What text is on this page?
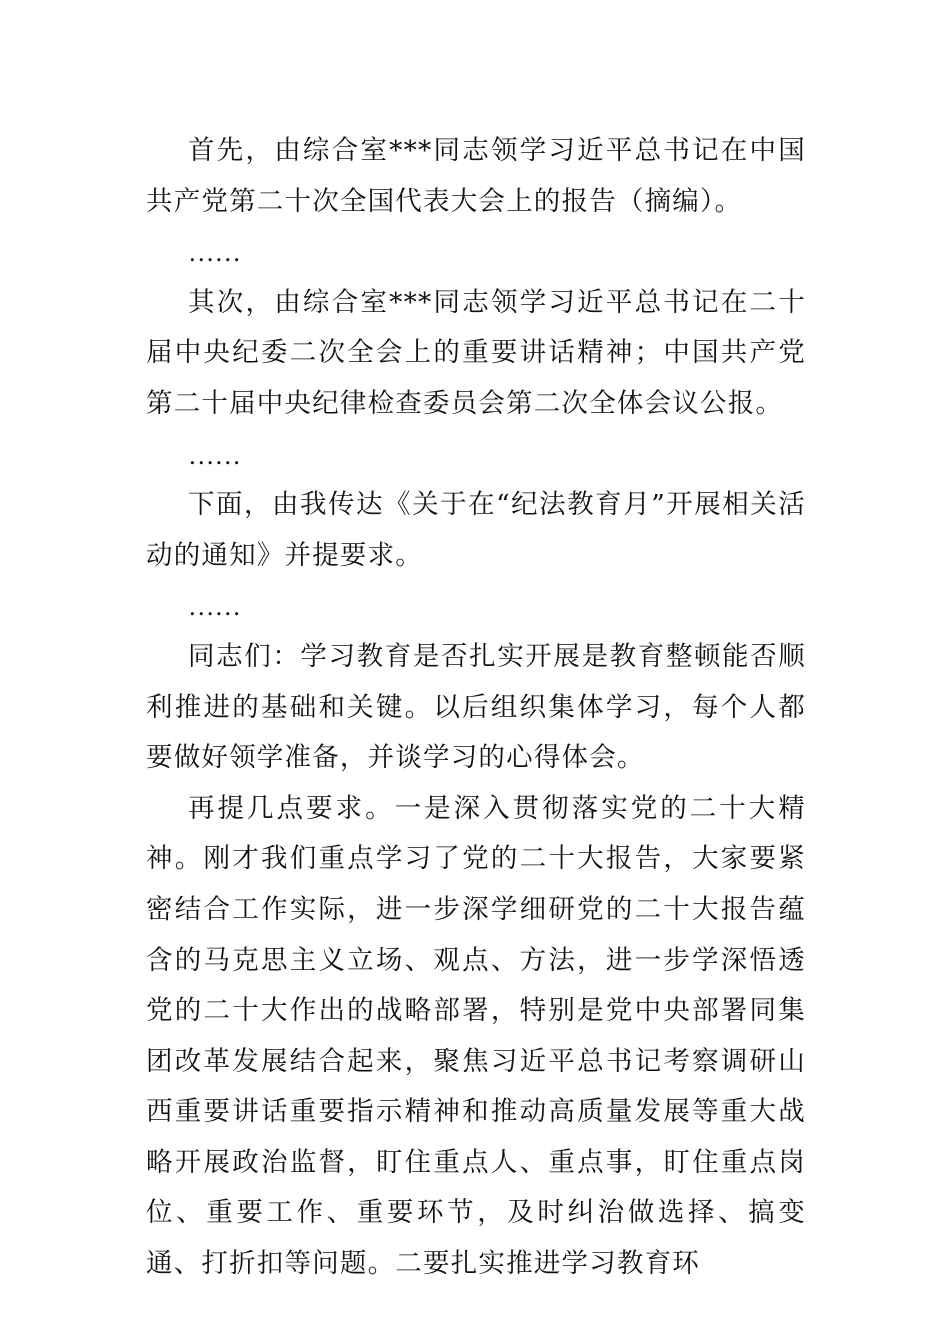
首先，由综合室***同志领学习近平总书记在中国共产党第二十次全国代表大会上的报告（摘编）。

……

其次，由综合室***同志领学习近平总书记在二十届中央纪委二次全会上的重要讲话精神；中国共产党第二十届中央纪律检查委员会第二次全体会议公报。

……

下面，由我传达《关于在“纪法教育月”开展相关活动的通知》并提要求。

……

同志们：学习教育是否扎实开展是教育整顿能否顺利推进的基础和关键。以后组织集体学习，每个人都要做好领学准备，并谈学习的心得体会。

再提几点要求。一是深入贯彻落实党的二十大精神。刚才我们重点学习了党的二十大报告，大家要紧密结合工作实际，进一步深学细研党的二十大报告蕴含的马克思主义立场、观点、方法，进一步学深悟透党的二十大作出的战略部署，特别是党中央部署同集团改革发展结合起来，聚焦习近平总书记考察调研山西重要讲话重要指示精神和推动高质量发展等重大战略开展政治监督，盯住重点人、重点事，盯住重点岗位、重要工作、重要环节，及时纠治做选择、搞变通、打折扣等问题。二要扎实推进学习教育环
